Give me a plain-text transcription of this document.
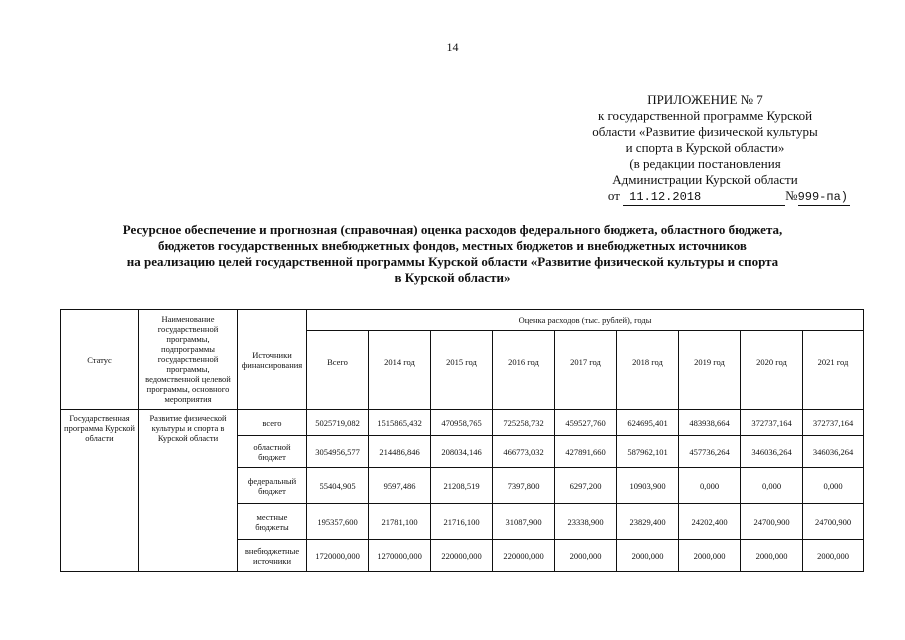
14
ПРИЛОЖЕНИЕ № 7
к государственной программе Курской
области «Развитие физической культуры
и спорта в Курской области»
(в редакции постановления
Администрации Курской области
от 11.12.2018	№999-па)
Ресурсное обеспечение и прогнозная (справочная) оценка расходов федерального бюджета, областного бюджета,
бюджетов государственных внебюджетных фондов, местных бюджетов и внебюджетных источников
на реализацию целей государственной программы Курской области «Развитие физической культуры и спорта
в Курской области»
Статус	Наименование государственной программы, подпрограммы государственной программы, ведомственной целевой программы, основного мероприятия	Источники финансирования	Оценка расходов (тыс. рублей), годы								
			Всего	2014 год	2015 год	2016 год	2017 год	2018 год	2019 год	2020 год	2021 год
Государственная программа Курской области	Развитие физической культуры и спорта в Курской области	всего	5025719,082	1515865,432	470958,765	725258,732	459527,760	624695,401	483938,664	372737,164	372737,164
		областной бюджет	3054956,577	214486,846	208034,146	466773,032	427891,660	587962,101	457736,264	346036,264	346036,264
		федеральный бюджет	55404,905	9597,486	21208,519	7397,800	6297,200	10903,900	0,000	0,000	0,000
		местные бюджеты	195357,600	21781,100	21716,100	31087,900	23338,900	23829,400	24202,400	24700,900	24700,900
		внебюджетные источники	1720000,000	1270000,000	220000,000	220000,000	2000,000	2000,000	2000,000	2000,000	2000,000
